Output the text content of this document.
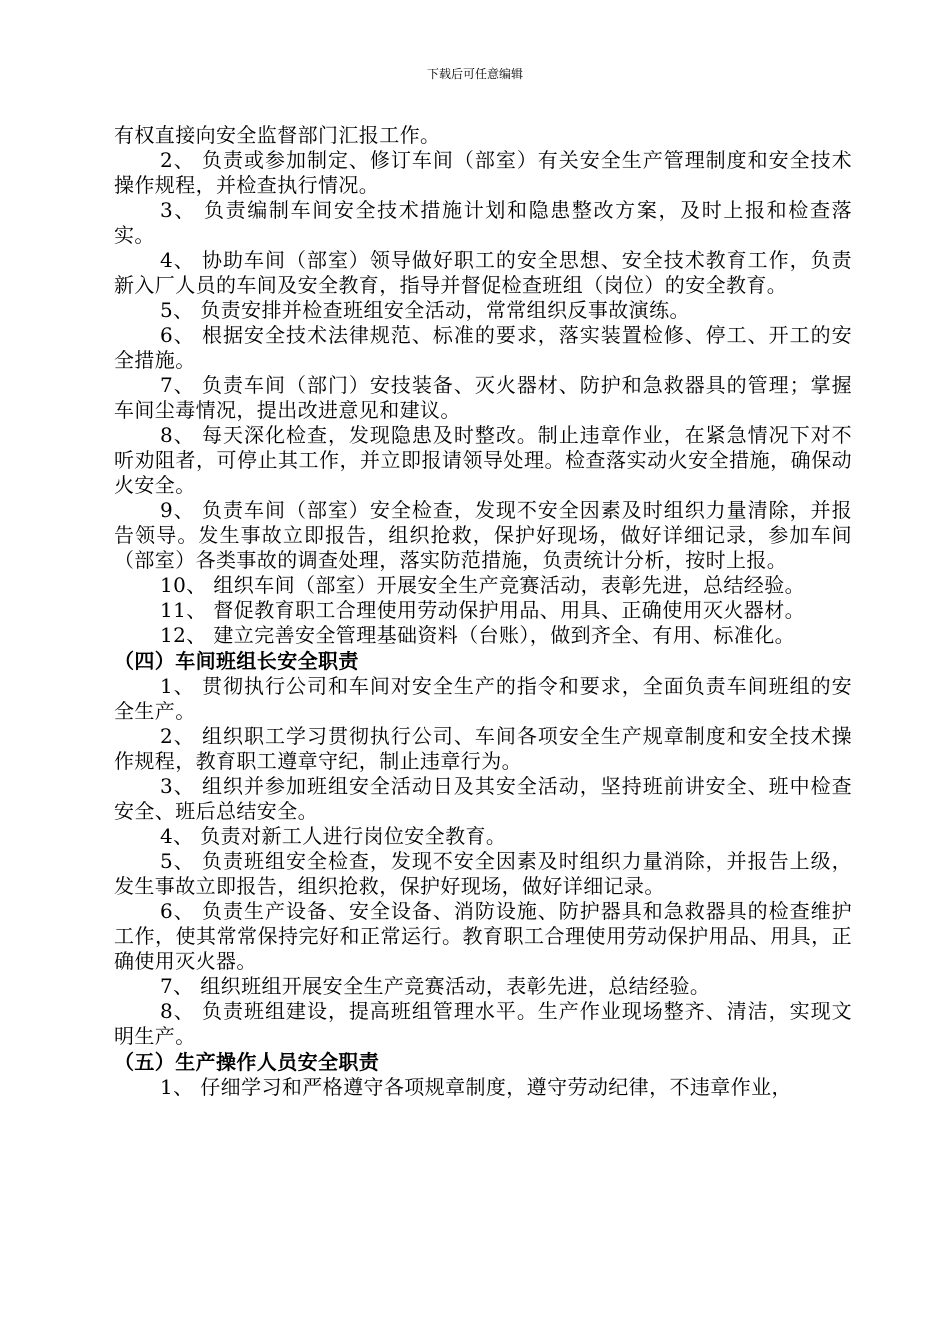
下载后可任意编辑

有权直接向安全监督部门汇报工作。

2、 负责或参加制定、修订车间（部室）有关安全生产管理制度和安全技术操作规程，并检查执行情况。

3、 负责编制车间安全技术措施计划和隐患整改方案，及时上报和检查落实。

4、 协助车间（部室）领导做好职工的安全思想、安全技术教育工作，负责新入厂人员的车间及安全教育，指导并督促检查班组（岗位）的安全教育。

5、 负责安排并检查班组安全活动，常常组织反事故演练。

6、 根据安全技术法律规范、标准的要求，落实装置检修、停工、开工的安全措施。

7、 负责车间（部门）安技装备、灭火器材、防护和急救器具的管理；掌握车间尘毒情况，提出改进意见和建议。

8、 每天深化检查，发现隐患及时整改。制止违章作业，在紧急情况下对不听劝阻者，可停止其工作，并立即报请领导处理。检查落实动火安全措施，确保动火安全。

9、 负责车间（部室）安全检查，发现不安全因素及时组织力量清除，并报告领导。发生事故立即报告，组织抢救，保护好现场，做好详细记录，参加车间（部室）各类事故的调查处理，落实防范措施，负责统计分析，按时上报。

10、 组织车间（部室）开展安全生产竞赛活动，表彰先进，总结经验。

11、 督促教育职工合理使用劳动保护用品、用具、正确使用灭火器材。

12、 建立完善安全管理基础资料（台账），做到齐全、有用、标准化。

（四）车间班组长安全职责

1、 贯彻执行公司和车间对安全生产的指令和要求，全面负责车间班组的安全生产。

2、 组织职工学习贯彻执行公司、车间各项安全生产规章制度和安全技术操作规程，教育职工遵章守纪，制止违章行为。

3、 组织并参加班组安全活动日及其安全活动，坚持班前讲安全、班中检查安全、班后总结安全。

4、 负责对新工人进行岗位安全教育。

5、 负责班组安全检查，发现不安全因素及时组织力量消除，并报告上级，发生事故立即报告，组织抢救，保护好现场，做好详细记录。

6、 负责生产设备、安全设备、消防设施、防护器具和急救器具的检查维护工作，使其常常保持完好和正常运行。教育职工合理使用劳动保护用品、用具，正确使用灭火器。

7、 组织班组开展安全生产竞赛活动，表彰先进，总结经验。

8、 负责班组建设，提高班组管理水平。生产作业现场整齐、清洁，实现文明生产。

（五）生产操作人员安全职责

1、 仔细学习和严格遵守各项规章制度，遵守劳动纪律，不违章作业，
